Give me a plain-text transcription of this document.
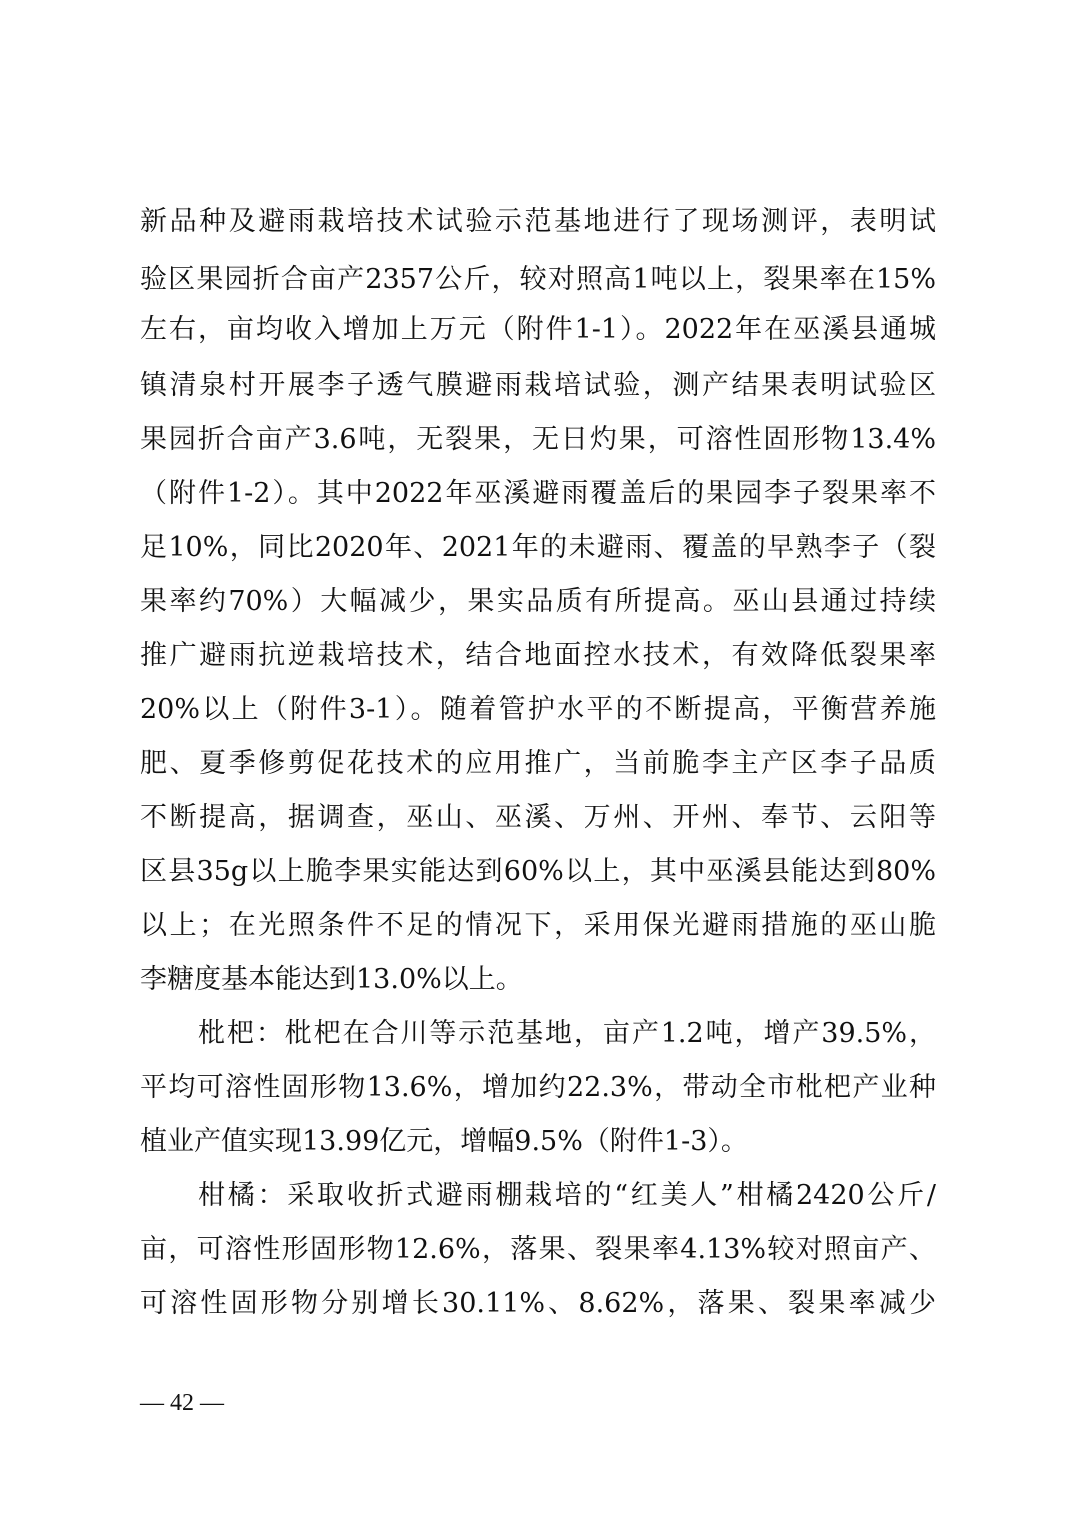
新品种及避雨栽培技术试验示范基地进行了现场测评，表明试
验区果园折合亩产2357公斤，较对照高1吨以上，裂果率在15%
左右，亩均收入增加上万元（附件1-1）。2022年在巫溪县通城
镇清泉村开展李子透气膜避雨栽培试验，测产结果表明试验区
果园折合亩产3.6吨，无裂果，无日灼果，可溶性固形物13.4%
（附件1-2）。其中2022年巫溪避雨覆盖后的果园李子裂果率不
足10%，同比2020年、2021年的未避雨、覆盖的早熟李子（裂
果率约70%）大幅减少，果实品质有所提高。巫山县通过持续
推广避雨抗逆栽培技术，结合地面控水技术，有效降低裂果率
20%以上（附件3-1）。随着管护水平的不断提高，平衡营养施
肥、夏季修剪促花技术的应用推广，当前脆李主产区李子品质
不断提高，据调查，巫山、巫溪、万州、开州、奉节、云阳等
区县35g以上脆李果实能达到60%以上，其中巫溪县能达到80%
以上；在光照条件不足的情况下，采用保光避雨措施的巫山脆
李糖度基本能达到13.0%以上。
枇杷：枇杷在合川等示范基地，亩产1.2吨，增产39.5%，
平均可溶性固形物13.6%，增加约22.3%，带动全市枇杷产业种
植业产值实现13.99亿元，增幅9.5%（附件1-3）。
柑橘：采取收折式避雨棚栽培的“红美人”柑橘2420公斤/
亩，可溶性形固形物12.6%，落果、裂果率4.13%较对照亩产、
可溶性固形物分别增长30.11%、8.62%，落果、裂果率减少
— 42 —
